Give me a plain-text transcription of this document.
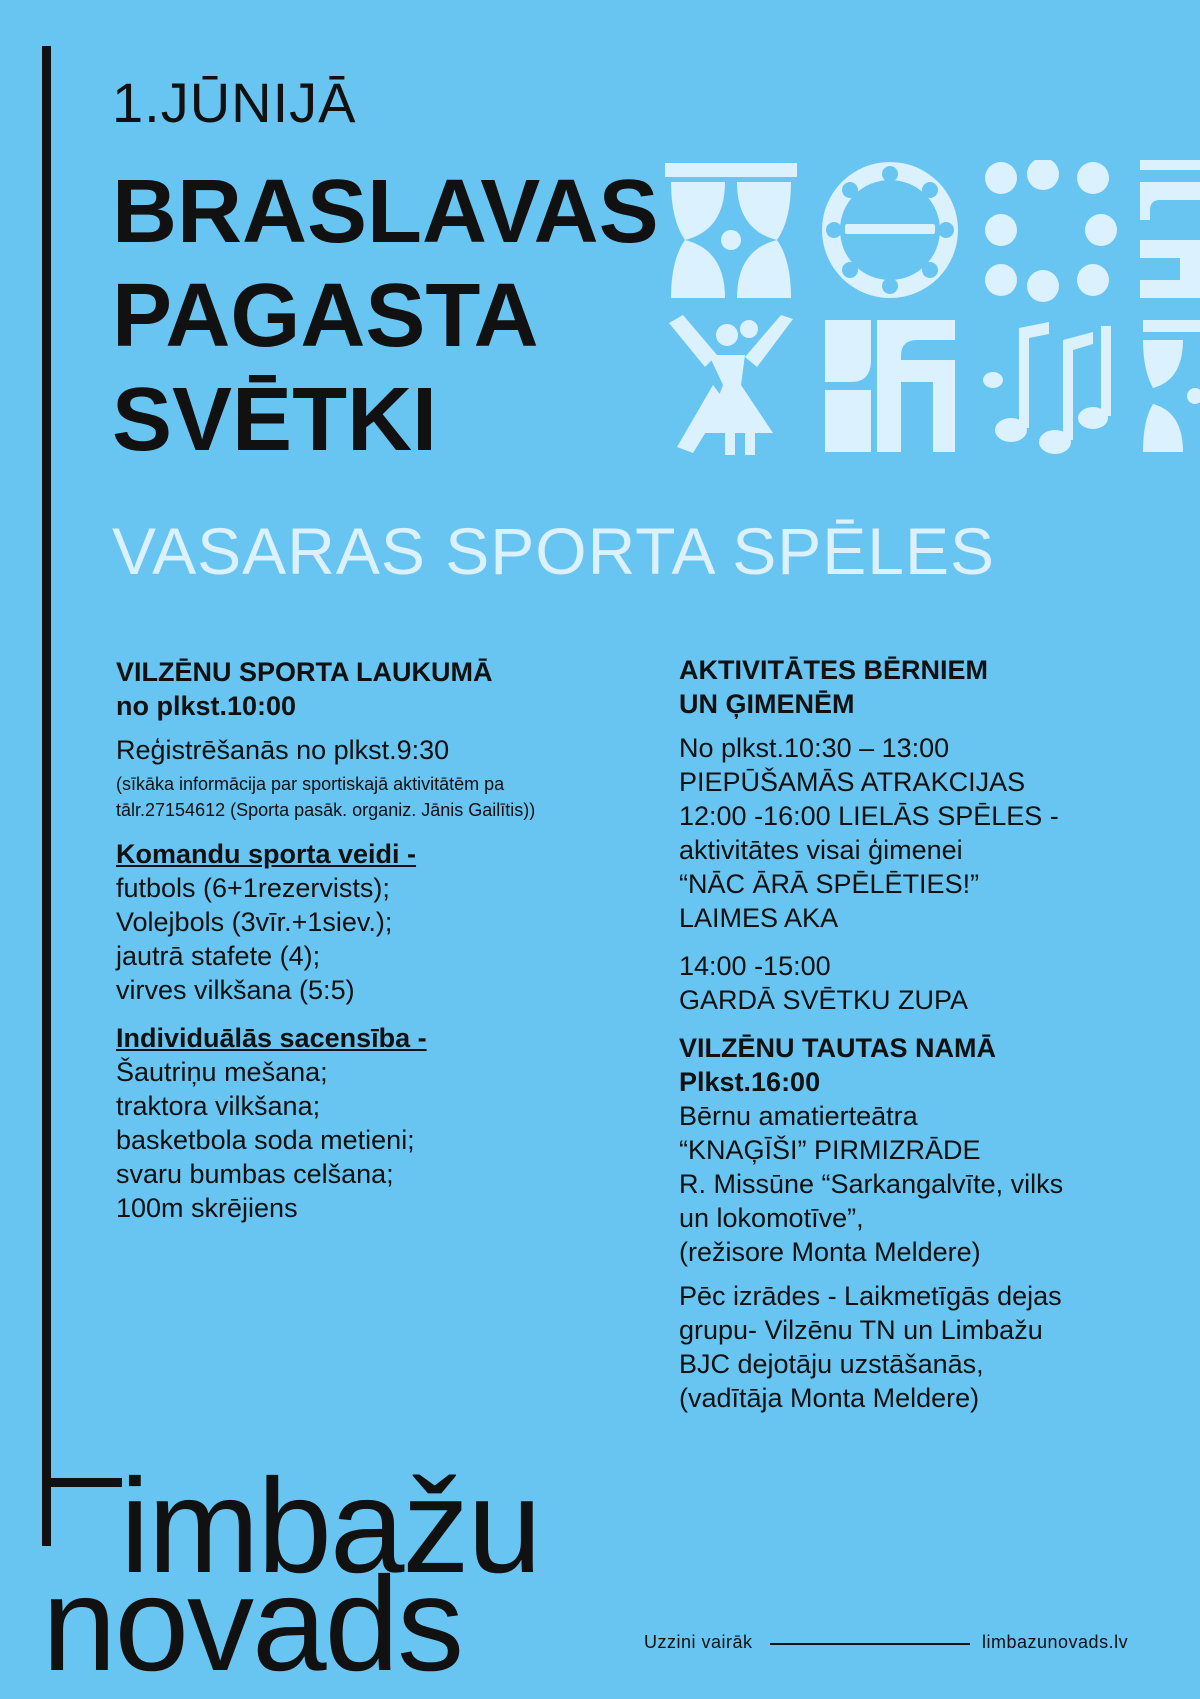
1.JŪNIJĀ
BRASLAVAS
PAGASTA
SVĒTKI
VASARAS SPORTA SPĒLES

VILZĒNU SPORTA LAUKUMĀ

no plkst.10:00

Reģistrēšanās no plkst.9:30

(sīkāka informācija par sportiskajā aktivitātēm pa
tālr.27154612 (Sporta pasāk. organiz. Jānis Gailītis))

Komandu sporta veidi -

futbols (6+1rezervists);

Volejbols (3vīr.+1siev.);

jautrā stafete (4);

virves vilkšana (5:5)

Individuālās sacensība -

Šautriņu mešana;

traktora vilkšana;

basketbola soda metieni;

svaru bumbas celšana;

100m skrējiens

AKTIVITĀTES BĒRNIEM

UN ĢIMENĒM

No plkst.10:30 – 13:00

PIEPŪŠAMĀS ATRAKCIJAS

12:00 -16:00 LIELĀS SPĒLES -

aktivitātes visai ģimenei

“NĀC ĀRĀ SPĒLĒTIES!”

LAIMES AKA

14:00 -15:00

GARDĀ SVĒTKU ZUPA

VILZĒNU TAUTAS NAMĀ

Plkst.16:00

Bērnu amatierteātra

“KNAĢĪŠI” PIRMIZRĀDE

R. Missūne “Sarkangalvīte, vilks

un lokomotīve”,

(režisore Monta Meldere)

Pēc izrādes - Laikmetīgās dejas

grupu- Vilzēnu TN un Limbažu

BJC dejotāju uzstāšanās,

(vadītāja Monta Meldere)

imbažu
novads	Uzzini vairāk	limbazunovads.lv
